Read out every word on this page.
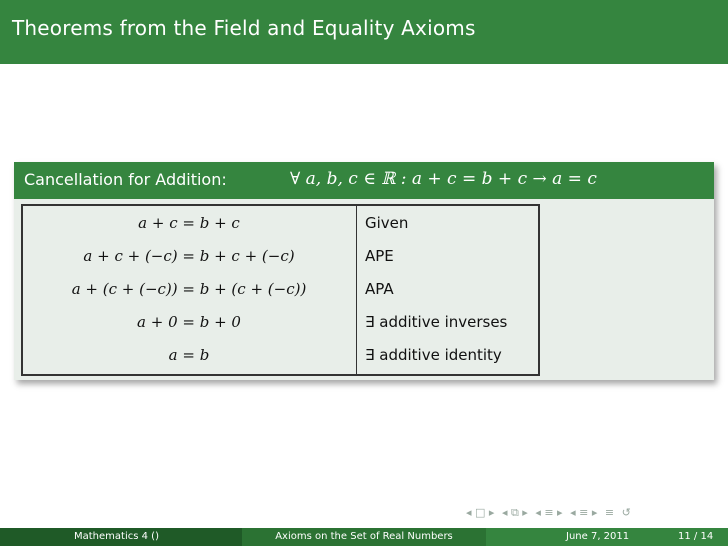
Theorems from the Field and Equality Axioms
Cancellation for Addition:	∀ a, b, c ∈ ℝ : a + c = b + c → a = c
a + c = b + c	Given
a + c + (−c) = b + c + (−c)	APE
a + (c + (−c)) = b + (c + (−c))	APA
a + 0 = b + 0	∃ additive inverses
a = b	∃ additive identity
◂ □ ▸ ◂ ⧉ ▸ ◂ ≡ ▸ ◂ ≡ ▸ ≡ ↺
Mathematics 4 ()	Axioms on the Set of Real Numbers	June 7, 2011	11 / 14
